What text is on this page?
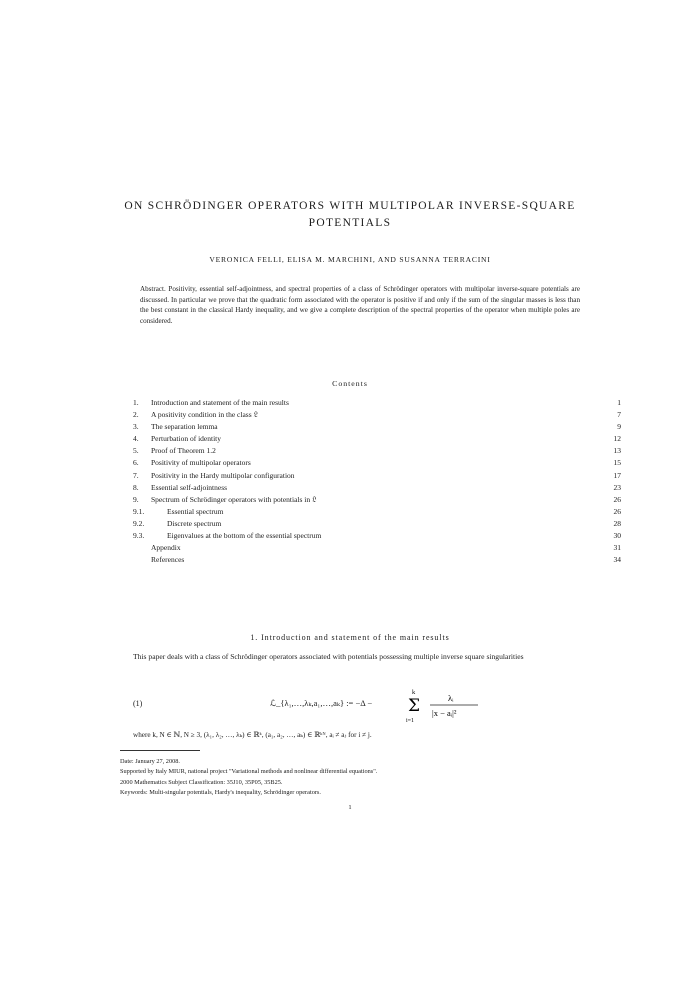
ON SCHRÖDINGER OPERATORS WITH MULTIPOLAR INVERSE-SQUARE
POTENTIALS
VERONICA FELLI, ELISA M. MARCHINI, AND SUSANNA TERRACINI
Abstract. Positivity, essential self-adjointness, and spectral properties of a class of Schrödinger operators with multipolar inverse-square potentials are discussed. In particular we prove that the quadratic form associated with the operator is positive if and only if the sum of the singular masses is less than the best constant in the classical Hardy inequality, and we give a complete description of the spectral properties of the operator when multiple poles are considered.
Contents
1.	Introduction and statement of the main results	1
2.	A positivity condition in the class 𝔏	7
3.	The separation lemma	9
4.	Perturbation of identity	12
5.	Proof of Theorem 1.2	13
6.	Positivity of multipolar operators	15
7.	Positivity in the Hardy multipolar configuration	17
8.	Essential self-adjointness	23
9.	Spectrum of Schrödinger operators with potentials in 𝔏	26
9.1.	Essential spectrum	26
9.2.	Discrete spectrum	28
9.3.	Eigenvalues at the bottom of the essential spectrum	30
Appendix	31
References	34
1. Introduction and statement of the main results
This paper deals with a class of Schrödinger operators associated with potentials possessing multiple inverse square singularities
(1)	ℒ_{λ₁,…,λₖ,a₁,…,aₖ} := −Δ −
k
Σ
i=1
λᵢ
|x − aᵢ|²
where k, N ∈ ℕ, N ≥ 3, (λ₁, λ₂, …, λₖ) ∈ ℝᵏ, (a₁, a₂, …, aₖ) ∈ ℝᵏᴺ, aᵢ ≠ aⱼ for i ≠ j.
Date: January 27, 2008.
Supported by Italy MIUR, national project "Variational methods and nonlinear differential equations".
2000 Mathematics Subject Classification: 35J10, 35P05, 35B25.
Keywords: Multi-singular potentials, Hardy's inequality, Schrödinger operators.
1
